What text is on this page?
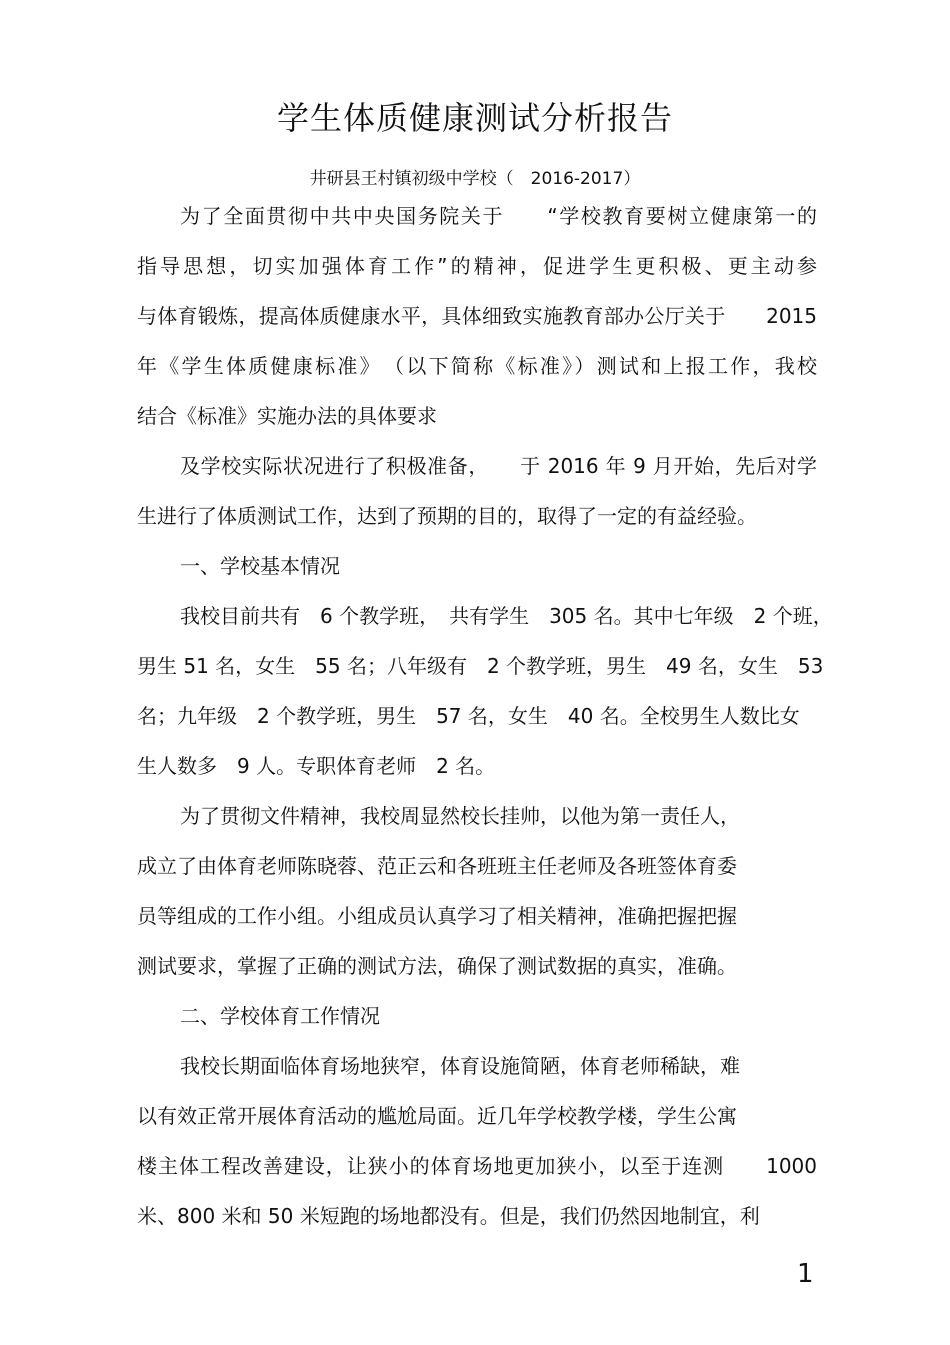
学生体质健康测试分析报告
井研县王村镇初级中学校（　2016-2017）
为了全面贯彻中共中央国务院关于　　“学校教育要树立健康第一的
指导思想，切实加强体育工作”的精神，促进学生更积极、更主动参
与体育锻炼，提高体质健康水平，具体细致实施教育部办公厅关于　　2015
年《学生体质健康标准》　（以下简称《标准》）测试和上报工作，我校
结合《标准》实施办法的具体要求
及学校实际状况进行了积极准备，　　于 2016 年 9 月开始，先后对学
生进行了体质测试工作，达到了预期的目的，取得了一定的有益经验。
一、学校基本情况
我校目前共有　6 个教学班，　共有学生　305 名。其中七年级　2 个班，
男生 51 名，女生　55 名；八年级有　2 个教学班，男生　49 名，女生　53
名；九年级　2 个教学班，男生　57 名，女生　40 名。全校男生人数比女
生人数多　9 人。专职体育老师　2 名。
为了贯彻文件精神，我校周显然校长挂帅，以他为第一责任人，
成立了由体育老师陈晓蓉、范正云和各班班主任老师及各班签体育委
员等组成的工作小组。小组成员认真学习了相关精神，准确把握把握
测试要求，掌握了正确的测试方法，确保了测试数据的真实，准确。
二、学校体育工作情况
我校长期面临体育场地狭窄，体育设施简陋，体育老师稀缺，难
以有效正常开展体育活动的尴尬局面。近几年学校教学楼，学生公寓
楼主体工程改善建设，让狭小的体育场地更加狭小，以至于连测　　1000
米、800 米和 50 米短跑的场地都没有。但是，我们仍然因地制宜，利
1
